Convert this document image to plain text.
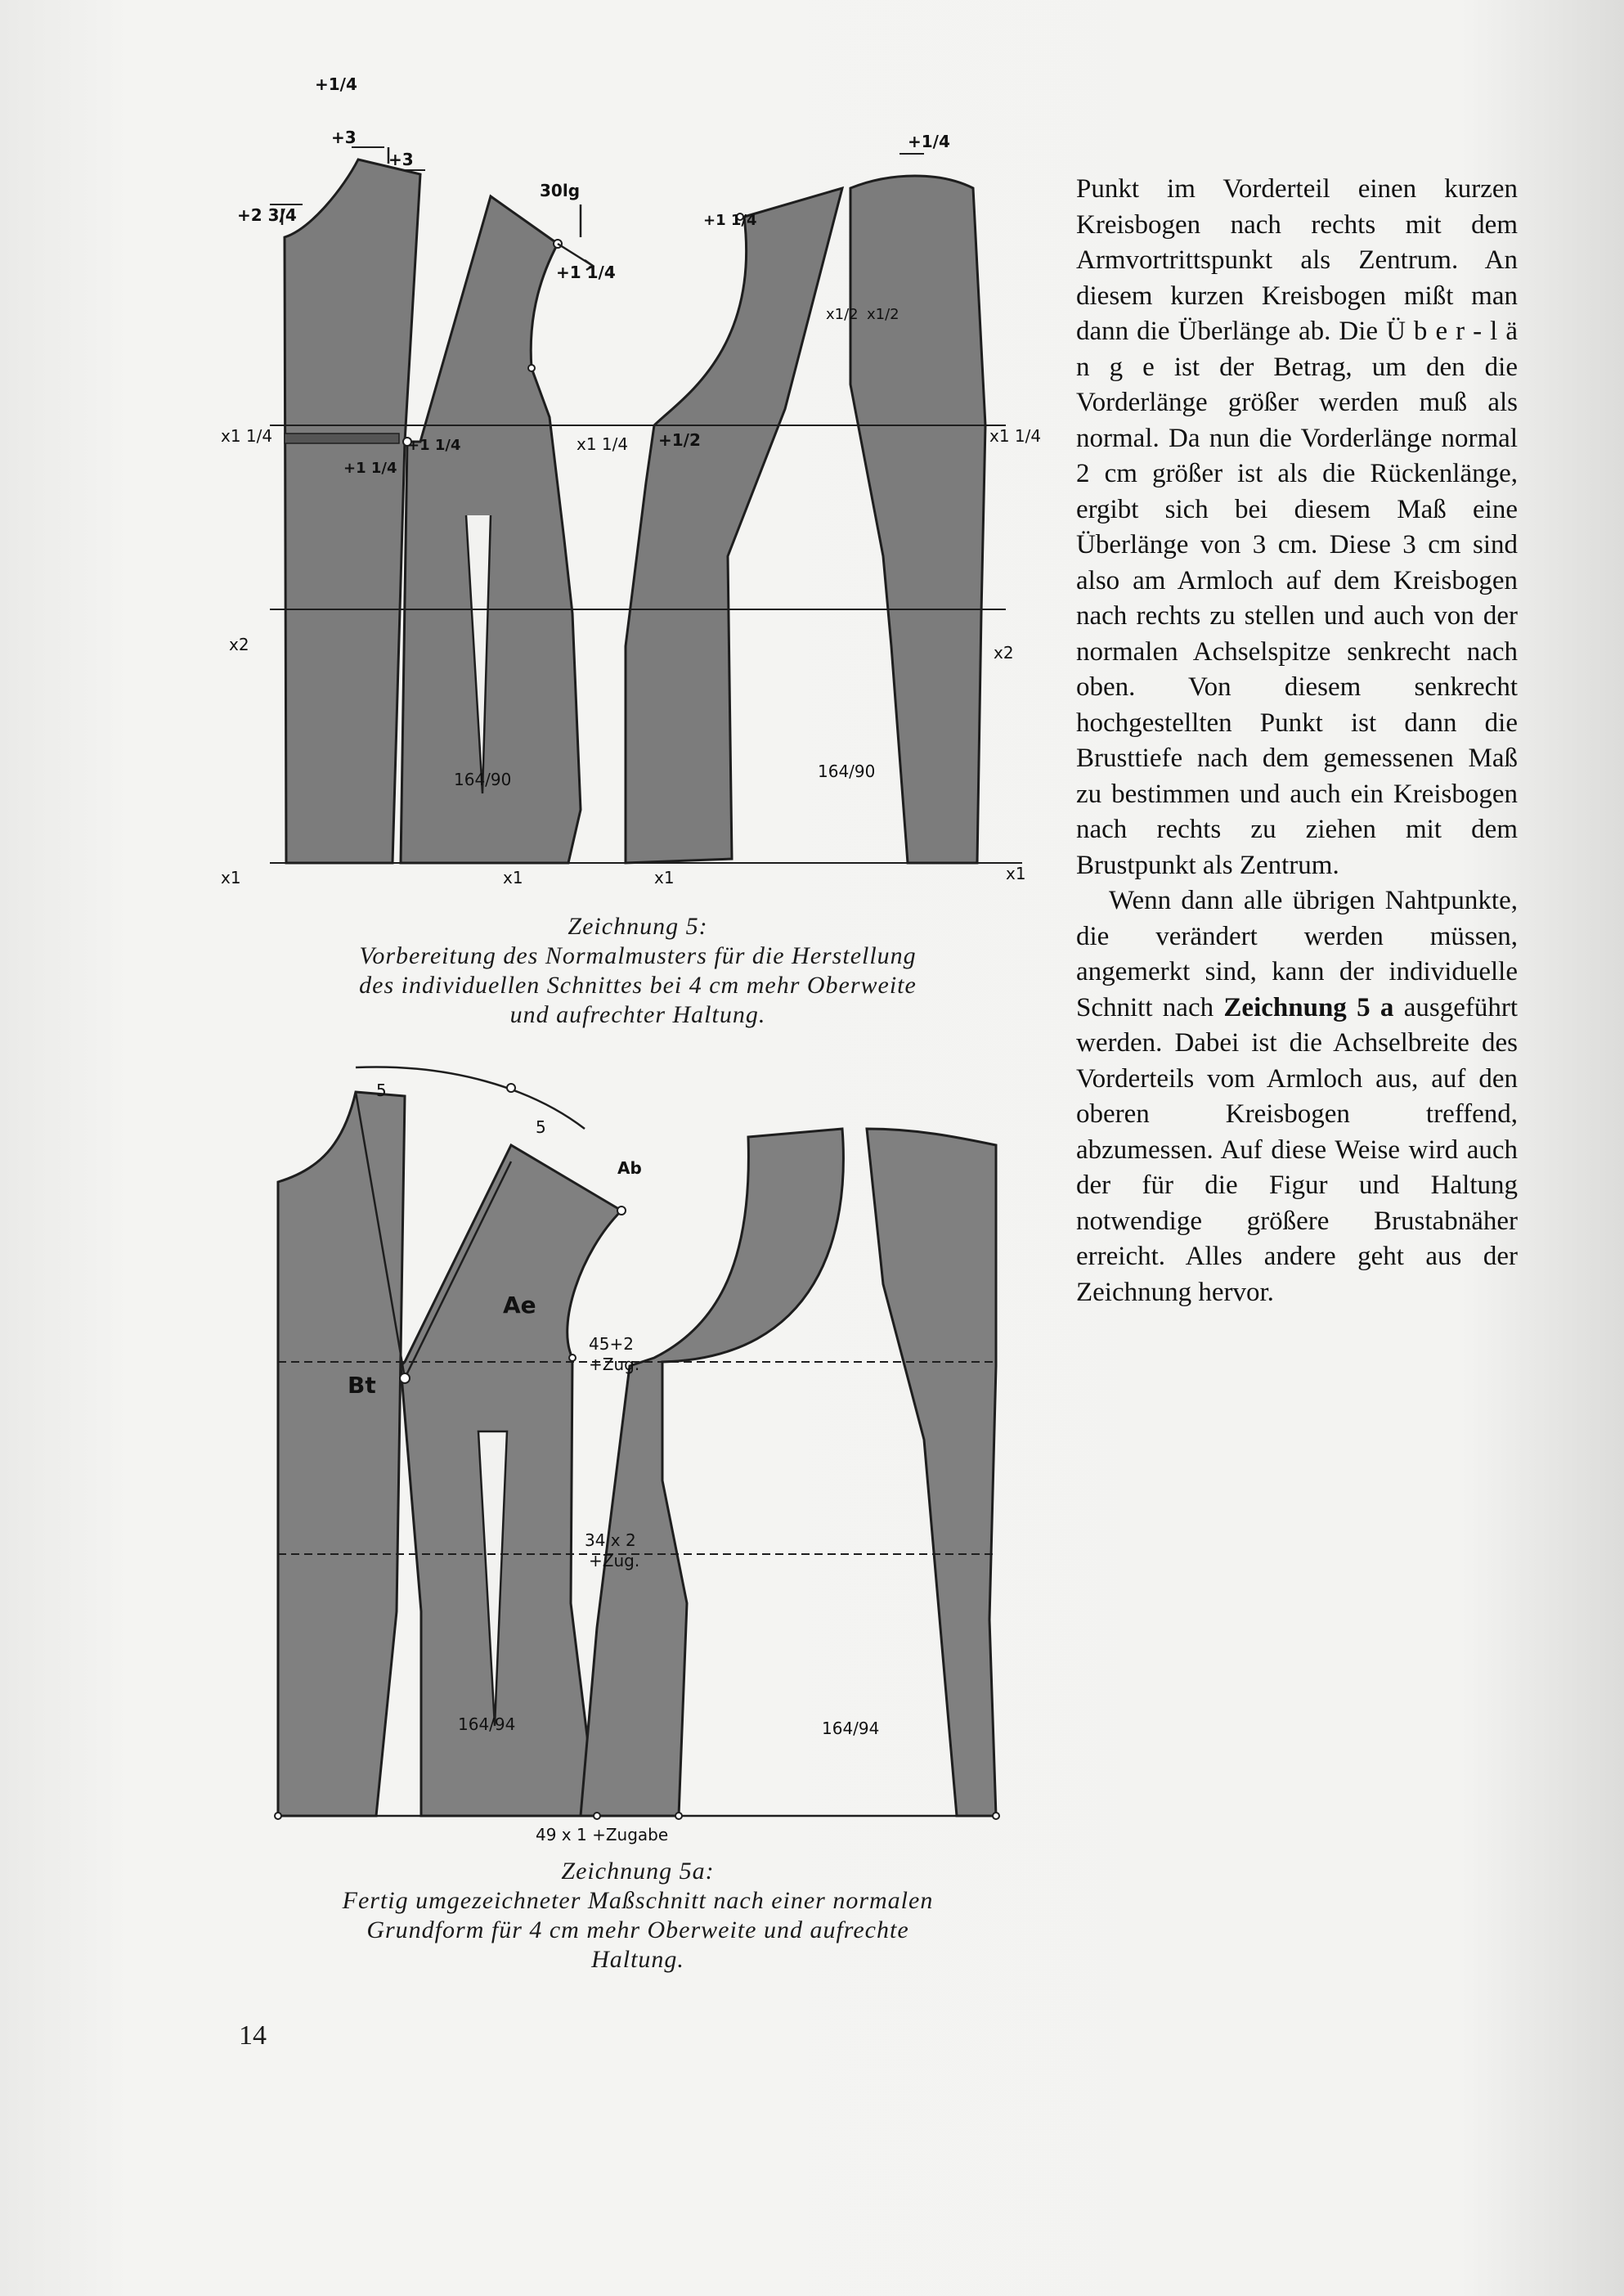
+1/4
+3
+3
+2 3/4
30lg
+1 1/4
+1 1/4
+1 1/4
x1 1/4	x1 1/4
x2
x1	x1
164/90
+1/4
+1 1/4
x1 1/4
+1/2
x2
x1	x1
164/90
x1/2 x1/2
Zeichnung 5:
Vorbereitung des Normalmusters für die Herstellung
des individuellen Schnittes bei 4 cm mehr Oberweite
und aufrechter Haltung.
5
5
Ab
Ae
Bt
45+2
+Zug.
34 x 2
+Zug.
164/94	164/94
49 x 1 +Zugabe
Zeichnung 5a:
Fertig umgezeichneter Maßschnitt nach einer normalen
Grundform für 4 cm mehr Oberweite und aufrechte
Haltung.

Punkt im Vorderteil einen kurzen Kreisbogen nach rechts mit dem Armvortrittspunkt als Zentrum. An diesem kurzen Kreisbogen mißt man dann die Überlänge ab. Die Ü b e r - l ä n g e ist der Betrag, um den die Vorderlänge größer werden muß als normal. Da nun die Vorderlänge normal 2 cm größer ist als die Rückenlänge, ergibt sich bei diesem Maß eine Überlänge von 3 cm. Diese 3 cm sind also am Armloch auf dem Kreisbogen nach rechts zu stellen und auch von der normalen Achselspitze senkrecht nach oben. Von diesem senkrecht hochgestellten Punkt ist dann die Brusttiefe nach dem gemessenen Maß zu bestimmen und auch ein Kreisbogen nach rechts zu ziehen mit dem Brustpunkt als Zentrum.

Wenn dann alle übrigen Nahtpunkte, die verändert werden müssen, angemerkt sind, kann der individuelle Schnitt nach Zeichnung 5 a ausgeführt werden. Dabei ist die Achselbreite des Vorderteils vom Armloch aus, auf den oberen Kreisbogen treffend, abzumessen. Auf diese Weise wird auch der für die Figur und Haltung notwendige größere Brustabnäher erreicht. Alles andere geht aus der Zeichnung hervor.

14
